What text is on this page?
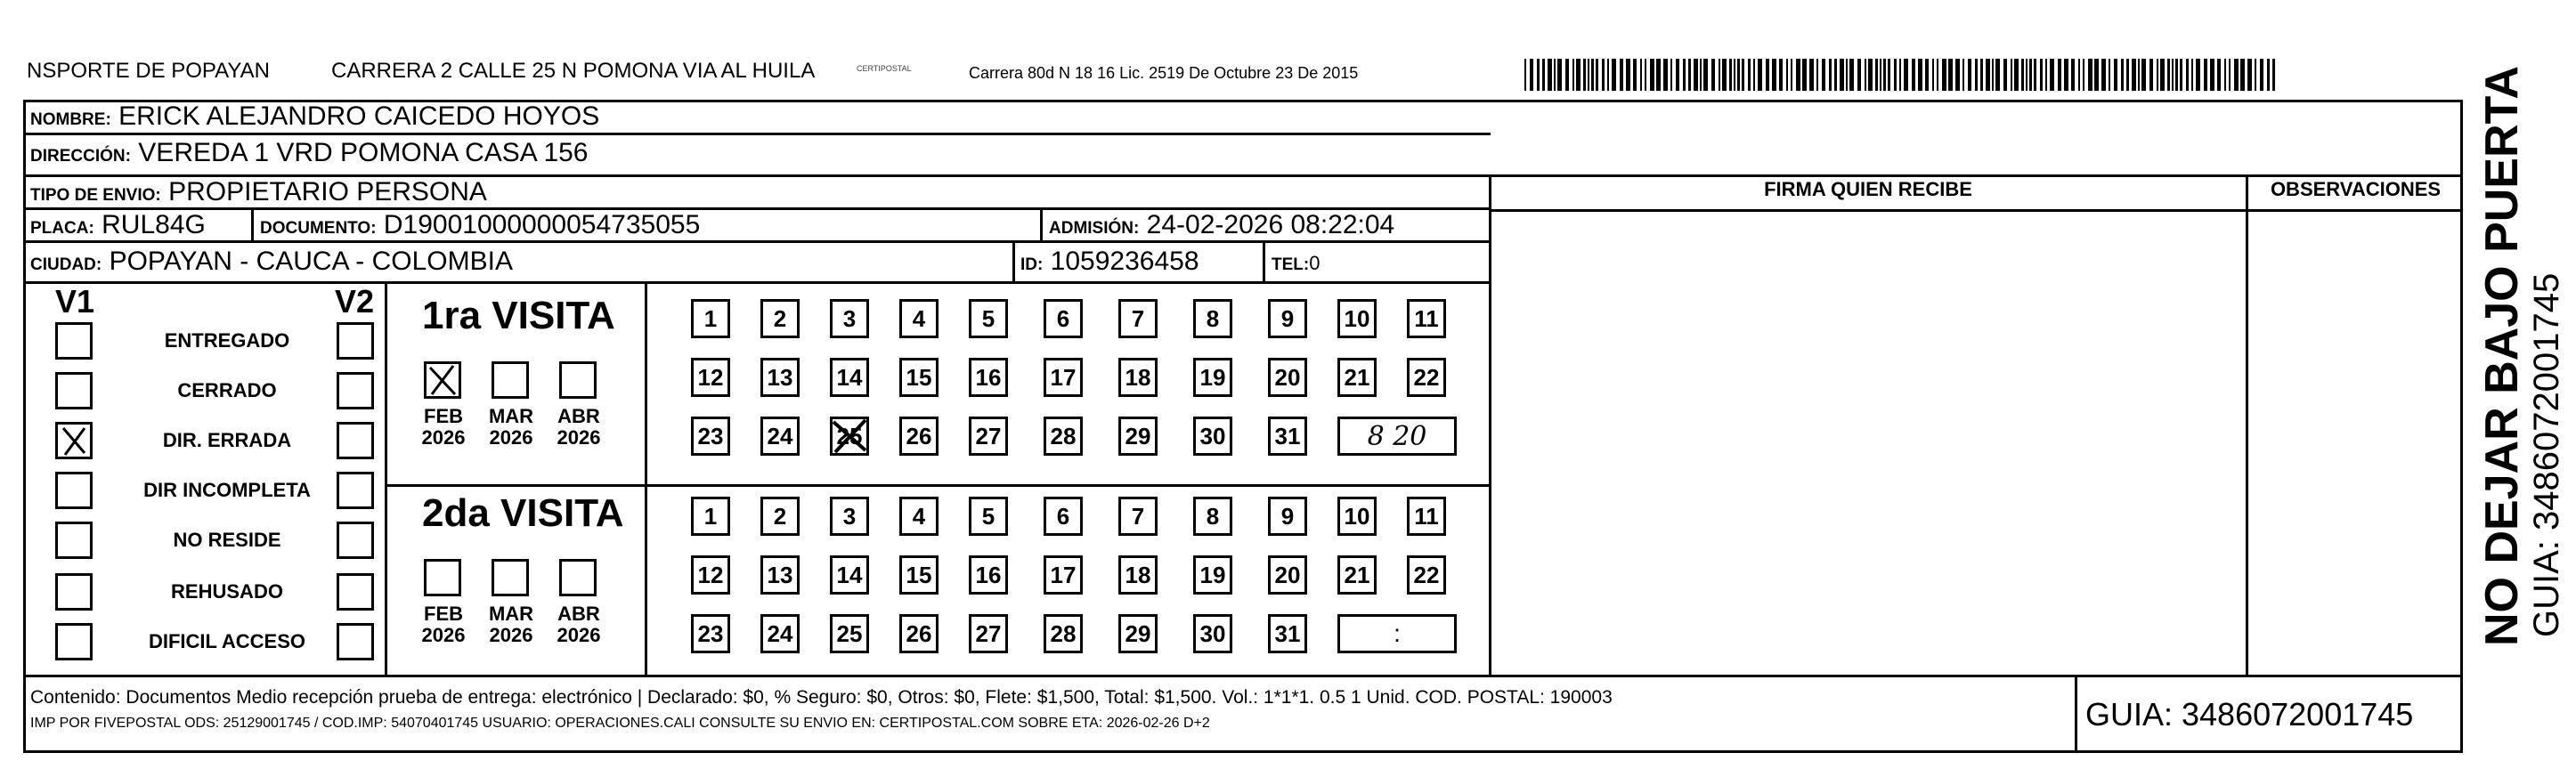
NSPORTE DE POPAYAN	CARRERA 2 CALLE 25 N POMONA VIA AL HUILA	CERTIPOSTAL	Carrera 80d N 18 16 Lic. 2519 De Octubre 23 De 2015
NOMBRE: ERICK ALEJANDRO CAICEDO HOYOS
DIRECCIÓN: VEREDA 1 VRD POMONA CASA 156
TIPO DE ENVIO: PROPIETARIO PERSONA
PLACA: RUL84G	DOCUMENTO: D19001000000054735055	ADMISIÓN: 24-02-2026 08:22:04
CIUDAD: POPAYAN - CAUCA - COLOMBIA	ID: 1059236458	TEL:0
FIRMA QUIEN RECIBE	OBSERVACIONES
V1	V2
ENTREGADO
CERRADO
DIR. ERRADA
DIR INCOMPLETA
NO RESIDE
REHUSADO
DIFICIL ACCESO
1ra VISITA
2da VISITA
FEB
2026
MAR
2026
ABR
2026
1	2	3	4	5	6	7	8	9	10	11
12 13 14 15 16 17 18 19 20 21 22
23 24 25 26 27 28 29 30 31	8 20
FEB
2026
MAR
2026
ABR
2026
1	2	3	4	5	6	7	8	9	10	11
12 13 14 15 16 17 18 19 20 21 22
23 24 25 26 27 28 29 30 31	:
Contenido: Documentos Medio recepción prueba de entrega: electrónico | Declarado: $0, % Seguro: $0, Otros: $0, Flete: $1,500, Total: $1,500. Vol.: 1*1*1. 0.5 1 Unid. COD. POSTAL: 190003
IMP POR FIVEPOSTAL ODS: 25129001745 / COD.IMP: 54070401745 USUARIO: OPERACIONES.CALI CONSULTE SU ENVIO EN: CERTIPOSTAL.COM SOBRE ETA: 2026-02-26 D+2	GUIA: 3486072001745
NO DEJAR BAJO PUERTA GUIA: 3486072001745
